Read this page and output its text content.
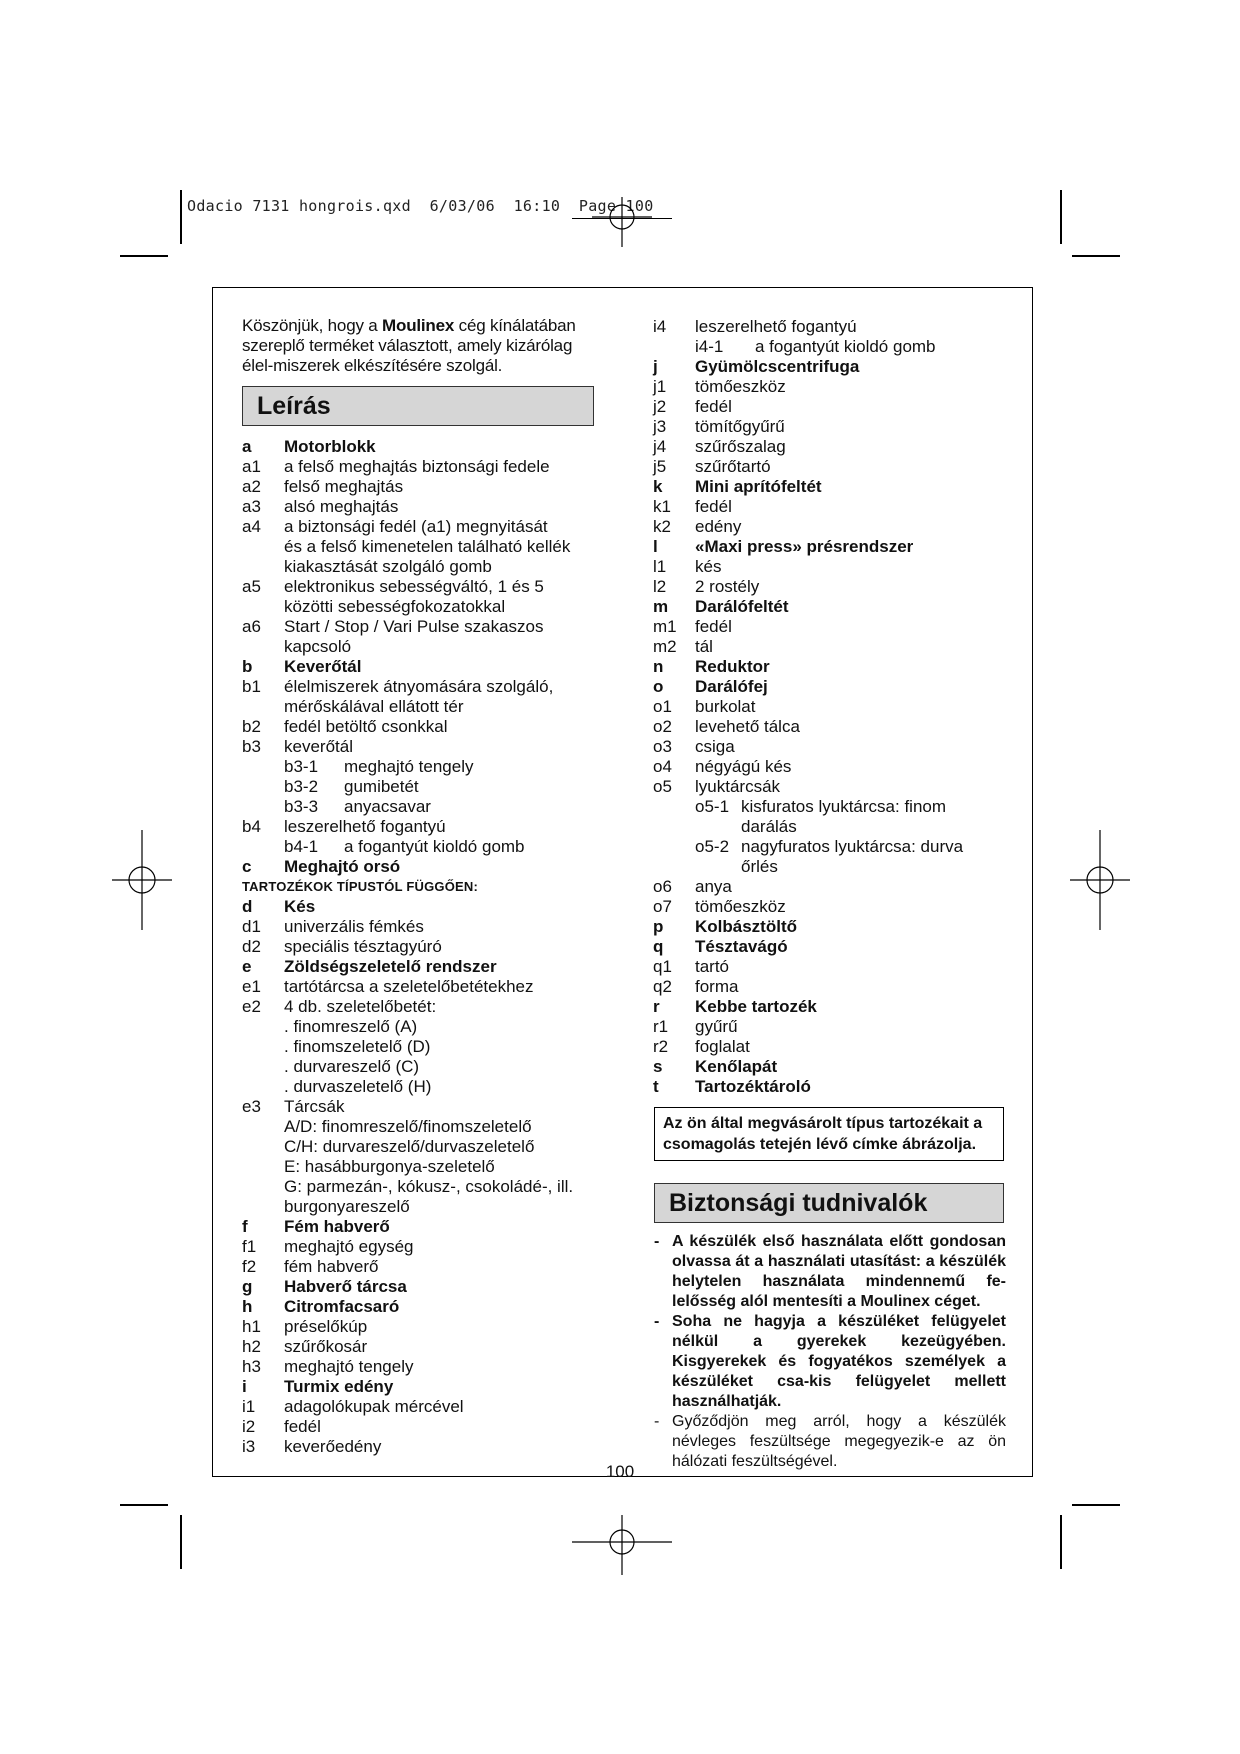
Odacio 7131 hongrois.qxd  6/03/06  16:10  Page 100
Köszönjük, hogy a Moulinex cég kínálatában szereplő terméket választott, amely kizárólag élel-miszerek elkészítésére szolgál.
Leírás
a	Motorblokk
a1	a felső meghajtás biztonsági fedele
a2	felső meghajtás
a3	alsó meghajtás
a4	a biztonsági fedél (a1) megnyitását
és a felső kimenetelen található kellék
kiakasztását szolgáló gomb
a5	elektronikus sebességváltó, 1 és 5
közötti sebességfokozatokkal
a6	Start / Stop / Vari Pulse szakaszos
kapcsoló
b	Keverőtál
b1	élelmiszerek átnyomására szolgáló,
mérőskálával ellátott tér
b2	fedél betöltő csonkkal
b3	keverőtál
b3-1	meghajtó tengely
b3-2	gumibetét
b3-3	anyacsavar
b4	leszerelhető fogantyú
b4-1	a fogantyút kioldó gomb
c	Meghajtó orsó
TARTOZÉKOK TÍPUSTÓL FÜGGŐEN:
d	Kés
d1	univerzális fémkés
d2	speciális tésztagyúró
e	Zöldségszeletelő rendszer
e1	tartótárcsa a szeletelőbetétekhez
e2	4 db. szeletelőbetét:
. finomreszelő (A)
. finomszeletelő (D)
. durvareszelő (C)
. durvaszeletelő (H)
e3	Tárcsák
A/D: finomreszelő/finomszeletelő
C/H: durvareszelő/durvaszeletelő
E: hasábburgonya-szeletelő
G: parmezán-, kókusz-, csokoládé-, ill.
burgonyareszelő
f	Fém habverő
f1	meghajtó egység
f2	fém habverő
g	Habverő tárcsa
h	Citromfacsaró
h1	préselőkúp
h2	szűrőkosár
h3	meghajtó tengely
i	Turmix edény
i1	adagolókupak mércével
i2	fedél
i3	keverőedény
i4	leszerelhető fogantyú
i4-1	a fogantyút kioldó gomb
j	Gyümölcscentrifuga
j1	tömőeszköz
j2	fedél
j3	tömítőgyűrű
j4	szűrőszalag
j5	szűrőtartó
k	Mini aprítófeltét
k1	fedél
k2	edény
l	«Maxi press» présrendszer
l1	kés
l2	2 rostély
m	Darálófeltét
m1	fedél
m2	tál
n	Reduktor
o	Darálófej
o1	burkolat
o2	levehető tálca
o3	csiga
o4	négyágú kés
o5	lyuktárcsák
o5-1 kisfuratos lyuktárcsa: finom
darálás
o5-2 nagyfuratos lyuktárcsa: durva
őrlés
o6	anya
o7	tömőeszköz
p	Kolbásztöltő
q	Tésztavágó
q1	tartó
q2	forma
r	Kebbe tartozék
r1	gyűrű
r2	foglalat
s	Kenőlapát
t	Tartozéktároló
Az ön által megvásárolt típus tartozékait a csomagolás tetején lévő címke ábrázolja.
Biztonsági tudnivalók
- A készülék első használata előtt gondosan olvassa át a használati utasítást: a készülék helytelen használata mindennemű fe-lelősség alól mentesíti a Moulinex céget.
- Soha ne hagyja a készüléket felügyelet nélkül a gyerekek kezeügyében. Kisgyerekek és fogyatékos személyek a készüléket csa-kis felügyelet mellett használhatják.
- Győződjön meg arról, hogy a készülék névleges feszültsége megegyezik-e az ön hálózati feszültségével.
100
